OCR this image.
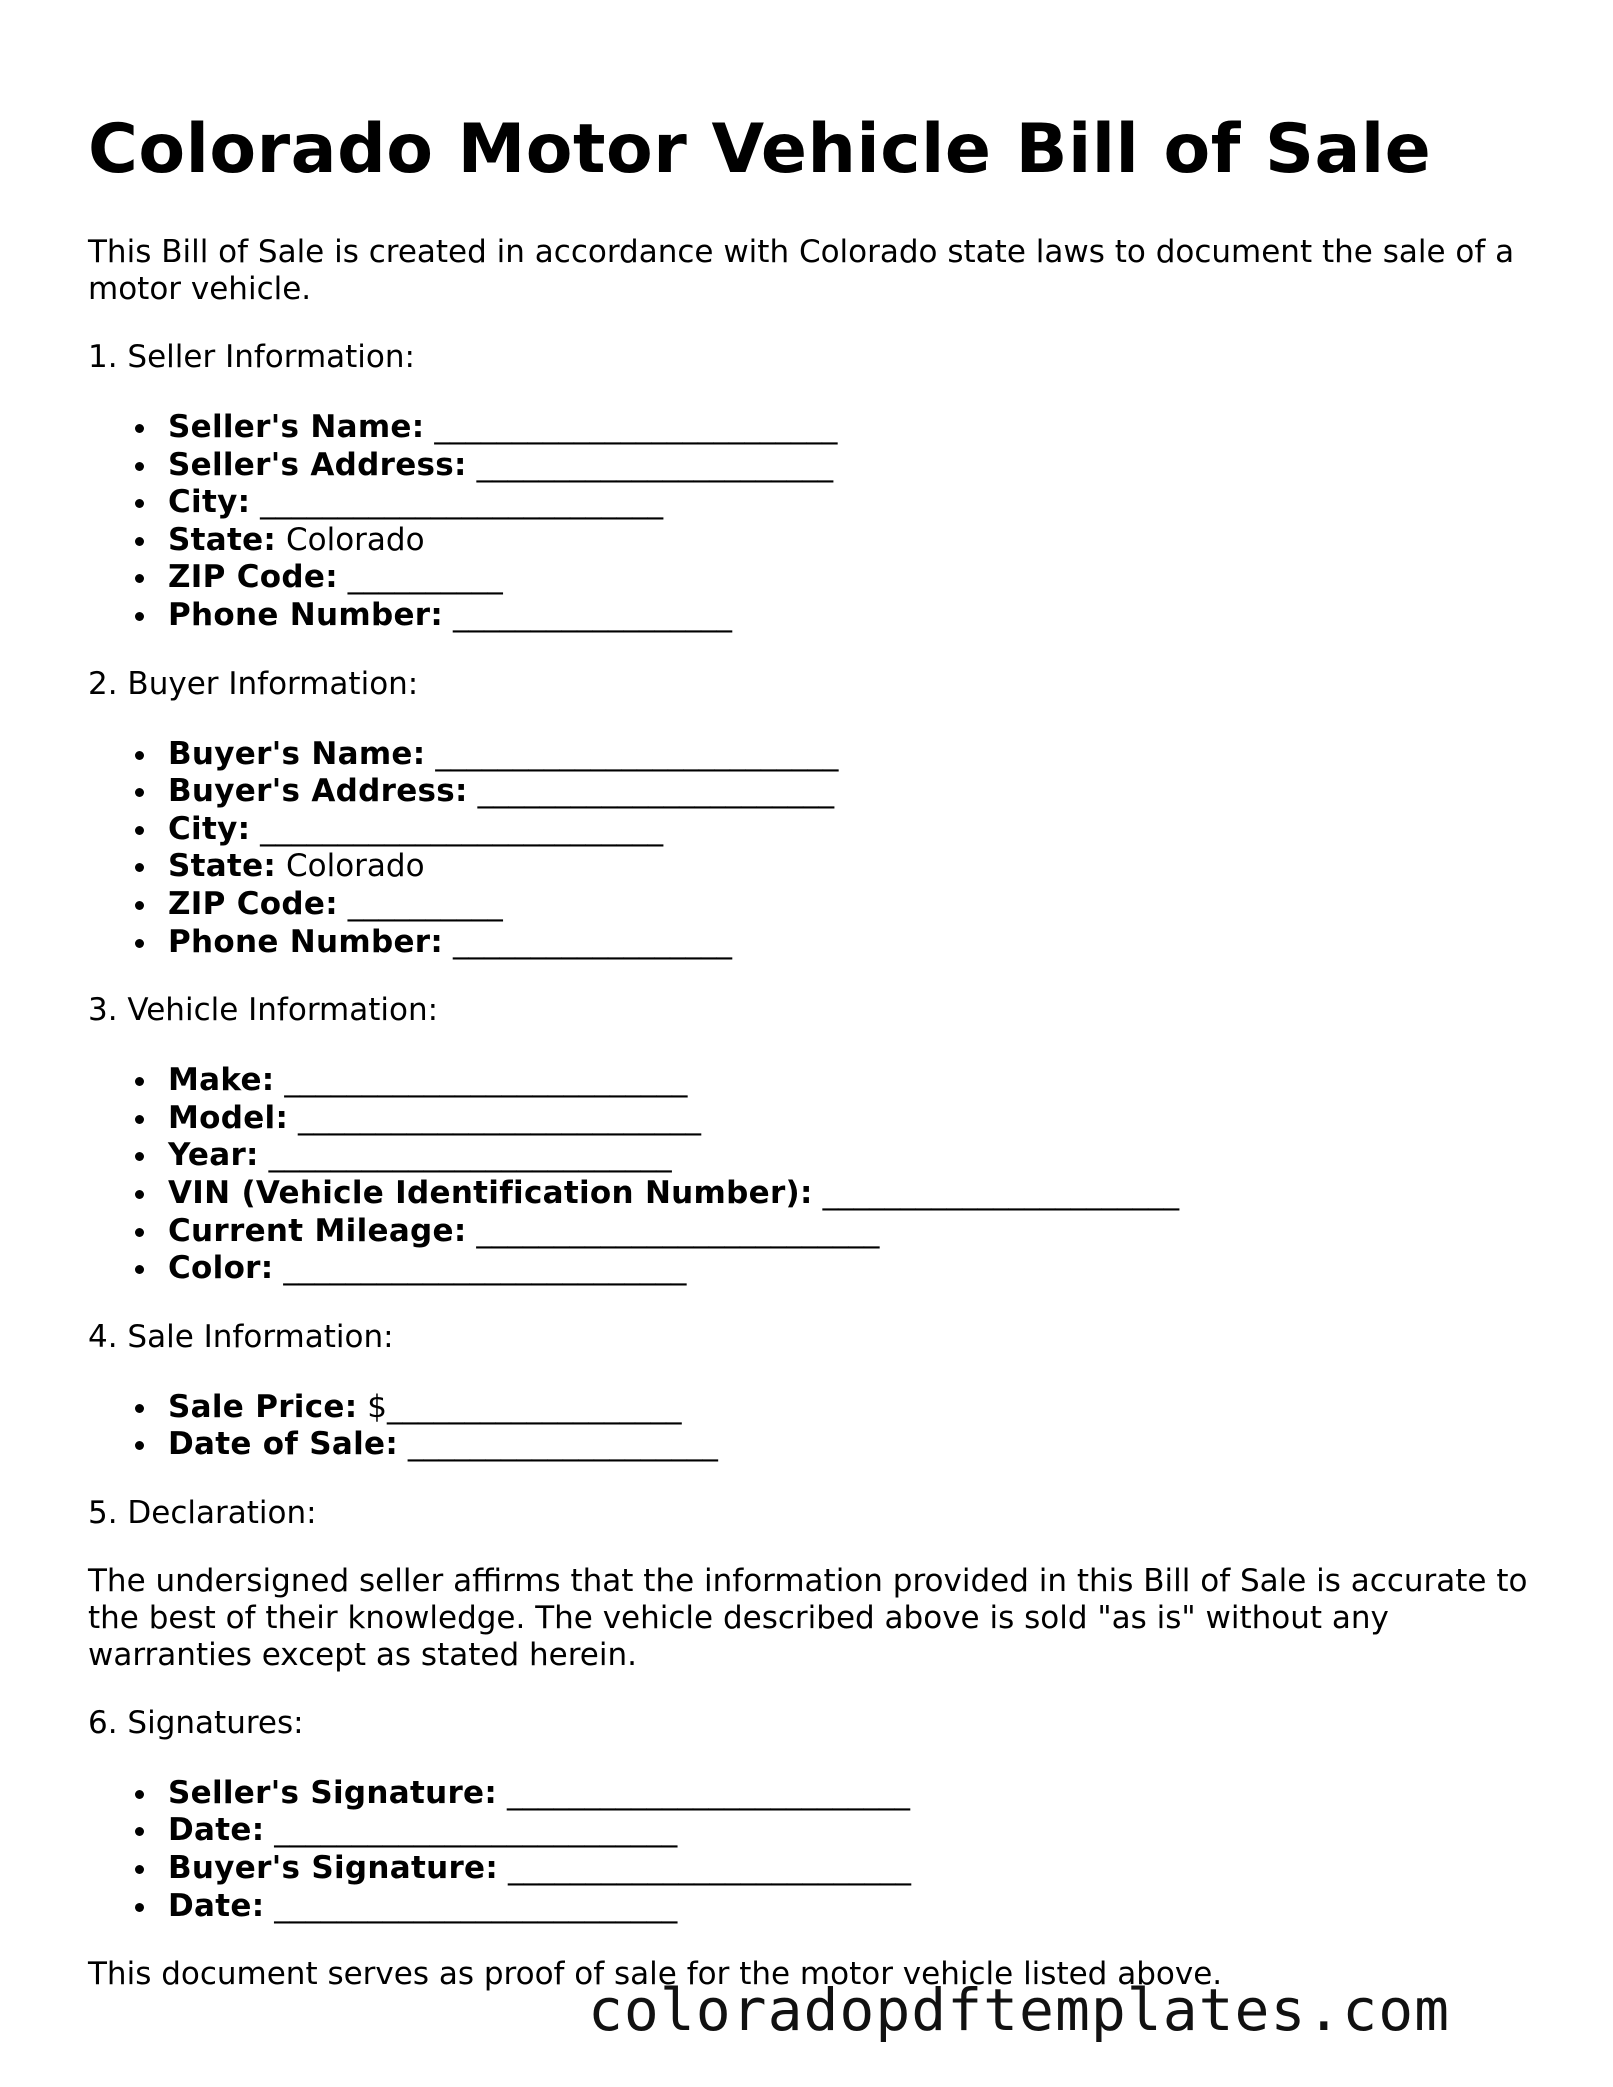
Colorado Motor Vehicle Bill of Sale

This Bill of Sale is created in accordance with Colorado state laws to document the sale of a motor vehicle.

1. Seller Information:

Seller's Name: __________________________
Seller's Address: _______________________
City: __________________________
State: Colorado
ZIP Code: __________
Phone Number: __________________

2. Buyer Information:

Buyer's Name: __________________________
Buyer's Address: _______________________
City: __________________________
State: Colorado
ZIP Code: __________
Phone Number: __________________

3. Vehicle Information:

Make: __________________________
Model: __________________________
Year: __________________________
VIN (Vehicle Identification Number): _______________________
Current Mileage: __________________________
Color: __________________________

4. Sale Information:

Sale Price: $___________________
Date of Sale: ____________________

5. Declaration:

The undersigned seller affirms that the information provided in this Bill of Sale is accurate to the best of their knowledge. The vehicle described above is sold "as is" without any warranties except as stated herein.

6. Signatures:

Seller's Signature: __________________________
Date: __________________________
Buyer's Signature: __________________________
Date: __________________________

This document serves as proof of sale for the motor vehicle listed above.

coloradopdftemplates.com
